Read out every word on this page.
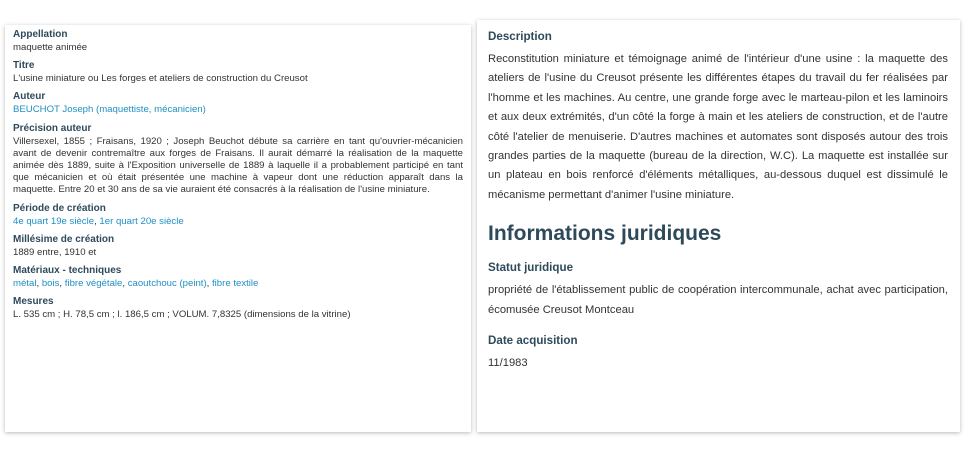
Appellation
maquette animée
Titre
L'usine miniature ou Les forges et ateliers de construction du Creusot
Auteur
BEUCHOT Joseph (maquettiste, mécanicien)
Précision auteur
Villersexel, 1855 ; Fraisans, 1920 ; Joseph Beuchot débute sa carrière en tant qu'ouvrier-mécanicien avant de devenir contremaître aux forges de Fraisans. Il aurait démarré la réalisation de la maquette animée dès 1889, suite à l'Exposition universelle de 1889 à laquelle il a probablement participé en tant que mécanicien et où était présentée une machine à vapeur dont une réduction apparaît dans la maquette. Entre 20 et 30 ans de sa vie auraient été consacrés à la réalisation de l'usine miniature.
Période de création
4e quart 19e siècle, 1er quart 20e siècle
Millésime de création
1889 entre, 1910 et
Matériaux - techniques
métal, bois, fibre végétale, caoutchouc (peint), fibre textile
Mesures
L. 535 cm ; H. 78,5 cm ; l. 186,5 cm ; VOLUM. 7,8325 (dimensions de la vitrine)
Description

Reconstitution miniature et témoignage animé de l'intérieur d'une usine : la maquette des ateliers de l'usine du Creusot présente les différentes étapes du travail du fer réalisées par l'homme et les machines. Au centre, une grande forge avec le marteau-pilon et les laminoirs et aux deux extrémités, d'un côté la forge à main et les ateliers de construction, et de l'autre côté l'atelier de menuiserie. D'autres machines et automates sont disposés autour des trois grandes parties de la maquette (bureau de la direction, W.C). La maquette est installée sur un plateau en bois renforcé d'éléments métalliques, au-dessous duquel est dissimulé le mécanisme permettant d'animer l'usine miniature.

Informations juridiques
Statut juridique

propriété de l'établissement public de coopération intercommunale, achat avec participation, écomusée Creusot Montceau

Date acquisition

11/1983
